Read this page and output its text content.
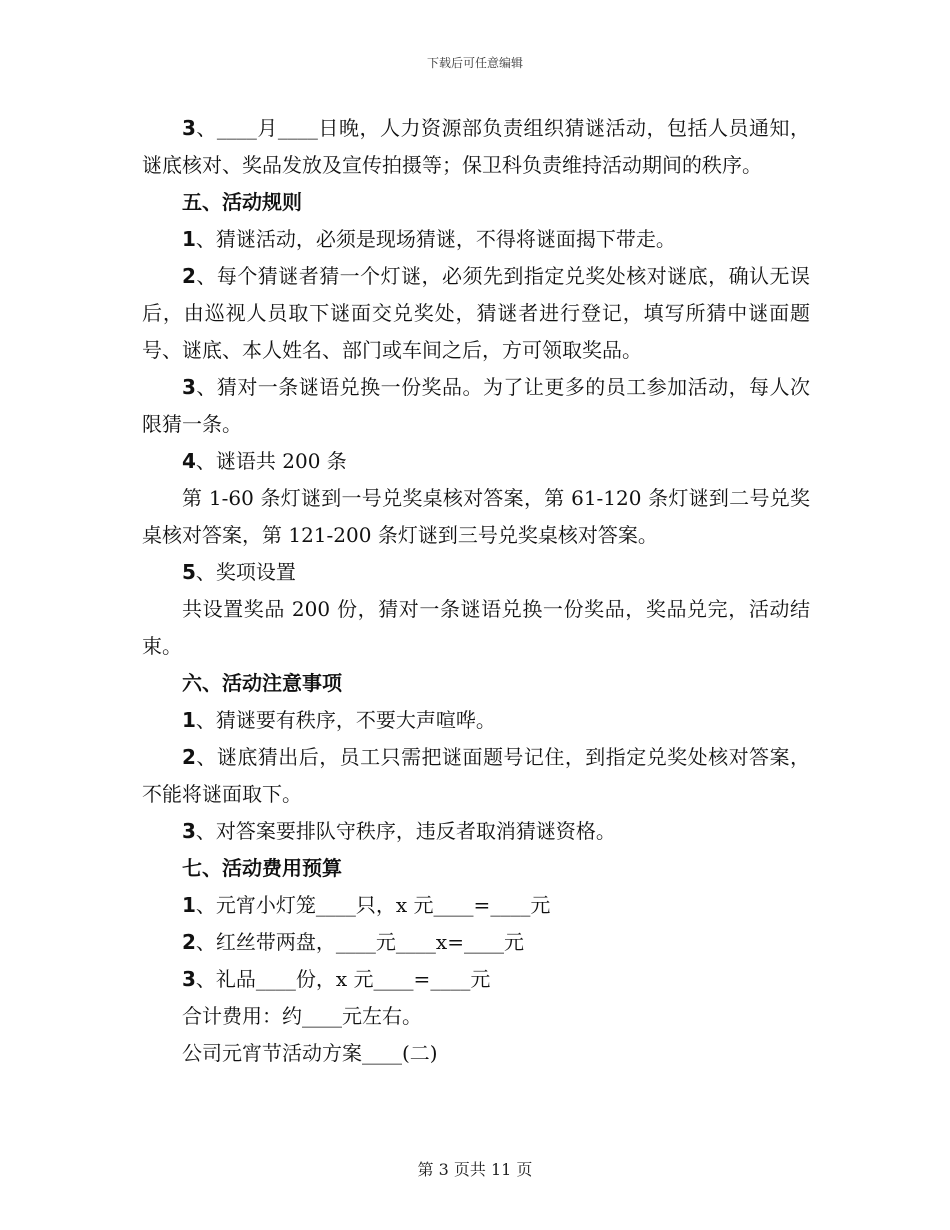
下载后可任意编辑

3、____月____日晚，人力资源部负责组织猜谜活动，包括人员通知，谜底核对、奖品发放及宣传拍摄等；保卫科负责维持活动期间的秩序。

五、活动规则

1、猜谜活动，必须是现场猜谜，不得将谜面揭下带走。

2、每个猜谜者猜一个灯谜，必须先到指定兑奖处核对谜底，确认无误后，由巡视人员取下谜面交兑奖处，猜谜者进行登记，填写所猜中谜面题号、谜底、本人姓名、部门或车间之后，方可领取奖品。

3、猜对一条谜语兑换一份奖品。为了让更多的员工参加活动，每人次限猜一条。

4、谜语共 200 条

第 1-60 条灯谜到一号兑奖桌核对答案，第 61-120 条灯谜到二号兑奖桌核对答案，第 121-200 条灯谜到三号兑奖桌核对答案。

5、奖项设置

共设置奖品 200 份，猜对一条谜语兑换一份奖品，奖品兑完，活动结束。

六、活动注意事项

1、猜谜要有秩序，不要大声喧哗。

2、谜底猜出后，员工只需把谜面题号记住，到指定兑奖处核对答案，不能将谜面取下。

3、对答案要排队守秩序，违反者取消猜谜资格。

七、活动费用预算

1、元宵小灯笼____只，x 元____=____元

2、红丝带两盘，____元____x=____元

3、礼品____份，x 元____=____元

合计费用：约____元左右。

公司元宵节活动方案____(二)

第 3 页共 11 页
